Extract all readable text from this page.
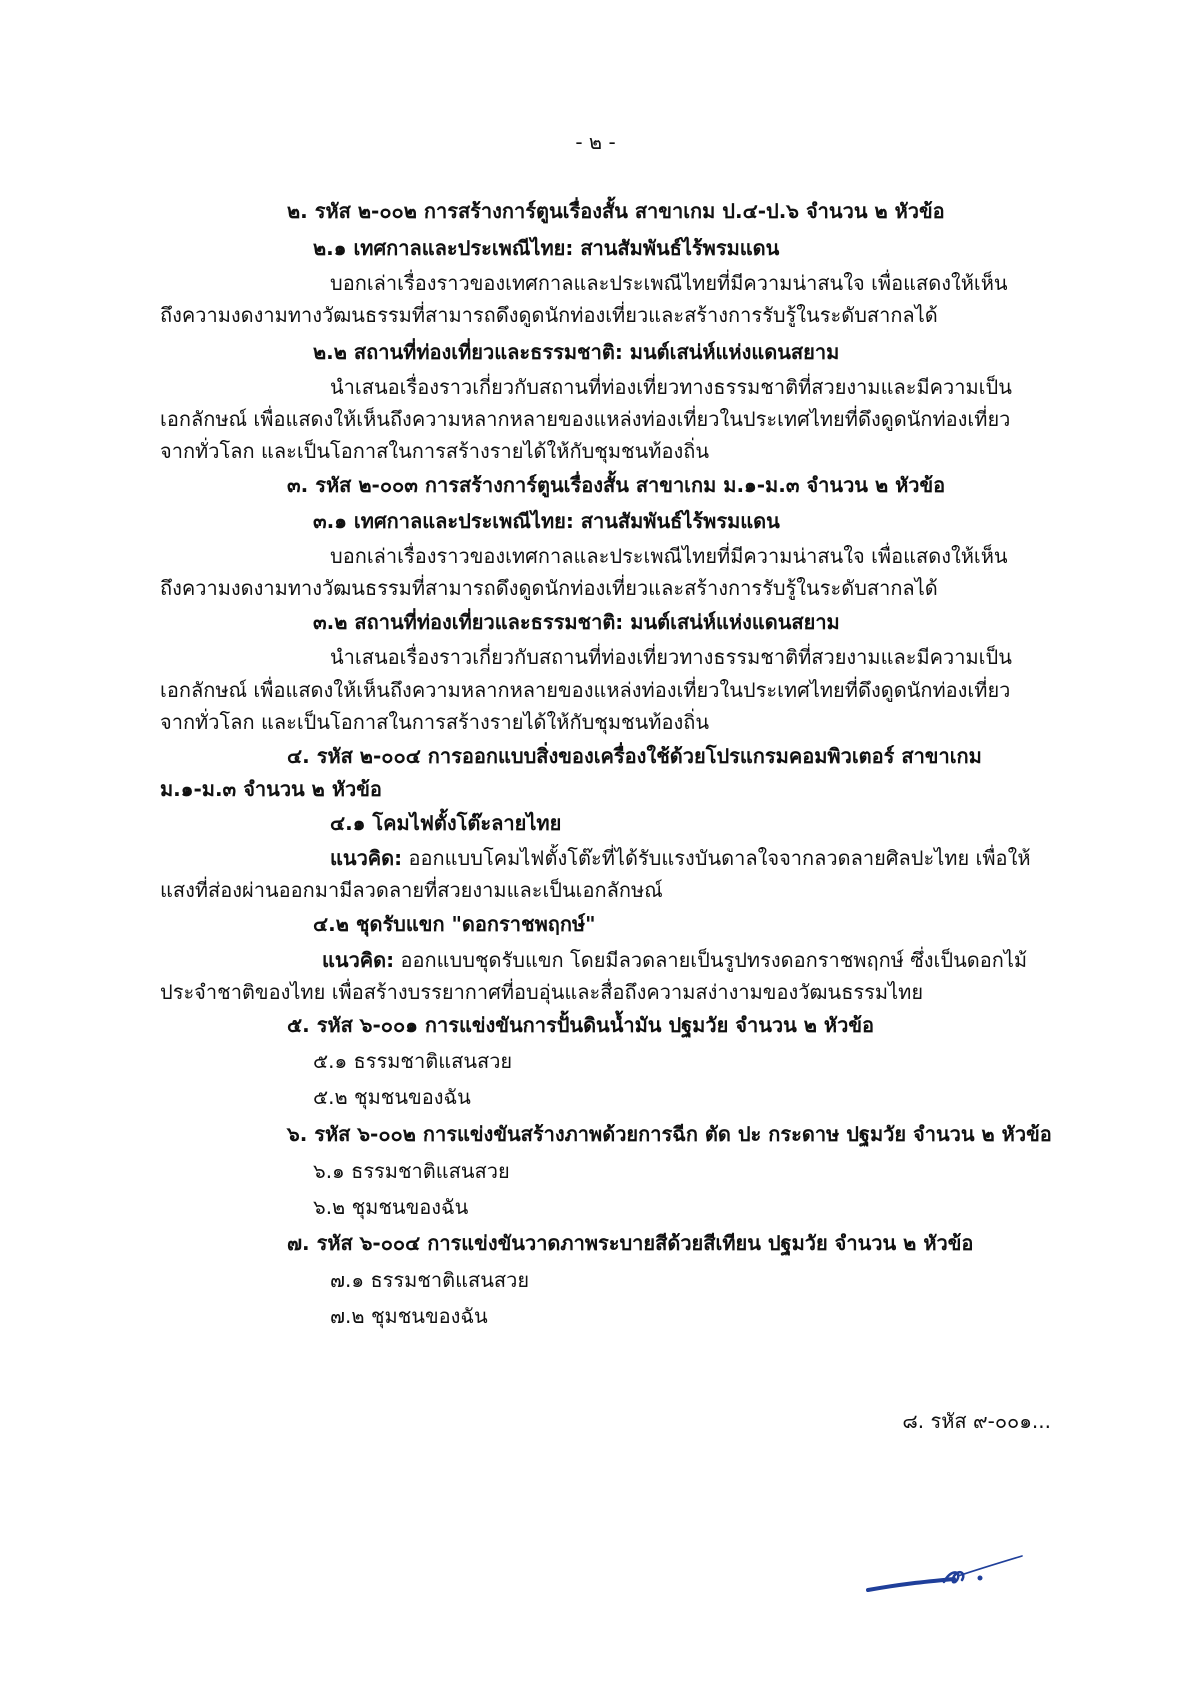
- ๒ -
๒. รหัส ๒-๐๐๒ การสร้างการ์ตูนเรื่องสั้น สาขาเกม ป.๔-ป.๖ จำนวน ๒ หัวข้อ
๒.๑ เทศกาลและประเพณีไทย: สานสัมพันธ์ไร้พรมแดน
บอกเล่าเรื่องราวของเทศกาลและประเพณีไทยที่มีความน่าสนใจ เพื่อแสดงให้เห็น
ถึงความงดงามทางวัฒนธรรมที่สามารถดึงดูดนักท่องเที่ยวและสร้างการรับรู้ในระดับสากลได้
๒.๒ สถานที่ท่องเที่ยวและธรรมชาติ: มนต์เสน่ห์แห่งแดนสยาม
นำเสนอเรื่องราวเกี่ยวกับสถานที่ท่องเที่ยวทางธรรมชาติที่สวยงามและมีความเป็น
เอกลักษณ์ เพื่อแสดงให้เห็นถึงความหลากหลายของแหล่งท่องเที่ยวในประเทศไทยที่ดึงดูดนักท่องเที่ยว
จากทั่วโลก และเป็นโอกาสในการสร้างรายได้ให้กับชุมชนท้องถิ่น
๓. รหัส ๒-๐๐๓ การสร้างการ์ตูนเรื่องสั้น สาขาเกม ม.๑-ม.๓ จำนวน ๒ หัวข้อ
๓.๑ เทศกาลและประเพณีไทย: สานสัมพันธ์ไร้พรมแดน
บอกเล่าเรื่องราวของเทศกาลและประเพณีไทยที่มีความน่าสนใจ เพื่อแสดงให้เห็น
ถึงความงดงามทางวัฒนธรรมที่สามารถดึงดูดนักท่องเที่ยวและสร้างการรับรู้ในระดับสากลได้
๓.๒ สถานที่ท่องเที่ยวและธรรมชาติ: มนต์เสน่ห์แห่งแดนสยาม
นำเสนอเรื่องราวเกี่ยวกับสถานที่ท่องเที่ยวทางธรรมชาติที่สวยงามและมีความเป็น
เอกลักษณ์ เพื่อแสดงให้เห็นถึงความหลากหลายของแหล่งท่องเที่ยวในประเทศไทยที่ดึงดูดนักท่องเที่ยว
จากทั่วโลก และเป็นโอกาสในการสร้างรายได้ให้กับชุมชนท้องถิ่น
๔. รหัส ๒-๐๐๔ การออกแบบสิ่งของเครื่องใช้ด้วยโปรแกรมคอมพิวเตอร์ สาขาเกม
ม.๑-ม.๓ จำนวน ๒ หัวข้อ
๔.๑ โคมไฟตั้งโต๊ะลายไทย
แนวคิด: ออกแบบโคมไฟตั้งโต๊ะที่ได้รับแรงบันดาลใจจากลวดลายศิลปะไทย เพื่อให้
แสงที่ส่องผ่านออกมามีลวดลายที่สวยงามและเป็นเอกลักษณ์
๔.๒ ชุดรับแขก "ดอกราชพฤกษ์"
แนวคิด: ออกแบบชุดรับแขก โดยมีลวดลายเป็นรูปทรงดอกราชพฤกษ์ ซึ่งเป็นดอกไม้
ประจำชาติของไทย เพื่อสร้างบรรยากาศที่อบอุ่นและสื่อถึงความสง่างามของวัฒนธรรมไทย
๕. รหัส ๖-๐๐๑ การแข่งขันการปั้นดินน้ำมัน ปฐมวัย จำนวน ๒ หัวข้อ
๕.๑ ธรรมชาติแสนสวย
๕.๒ ชุมชนของฉัน
๖. รหัส ๖-๐๐๒ การแข่งขันสร้างภาพด้วยการฉีก ตัด ปะ กระดาษ ปฐมวัย จำนวน ๒ หัวข้อ
๖.๑ ธรรมชาติแสนสวย
๖.๒ ชุมชนของฉัน
๗. รหัส ๖-๐๐๔ การแข่งขันวาดภาพระบายสีด้วยสีเทียน ปฐมวัย จำนวน ๒ หัวข้อ
๗.๑ ธรรมชาติแสนสวย
๗.๒ ชุมชนของฉัน
๘. รหัส ๙-๐๐๑...
